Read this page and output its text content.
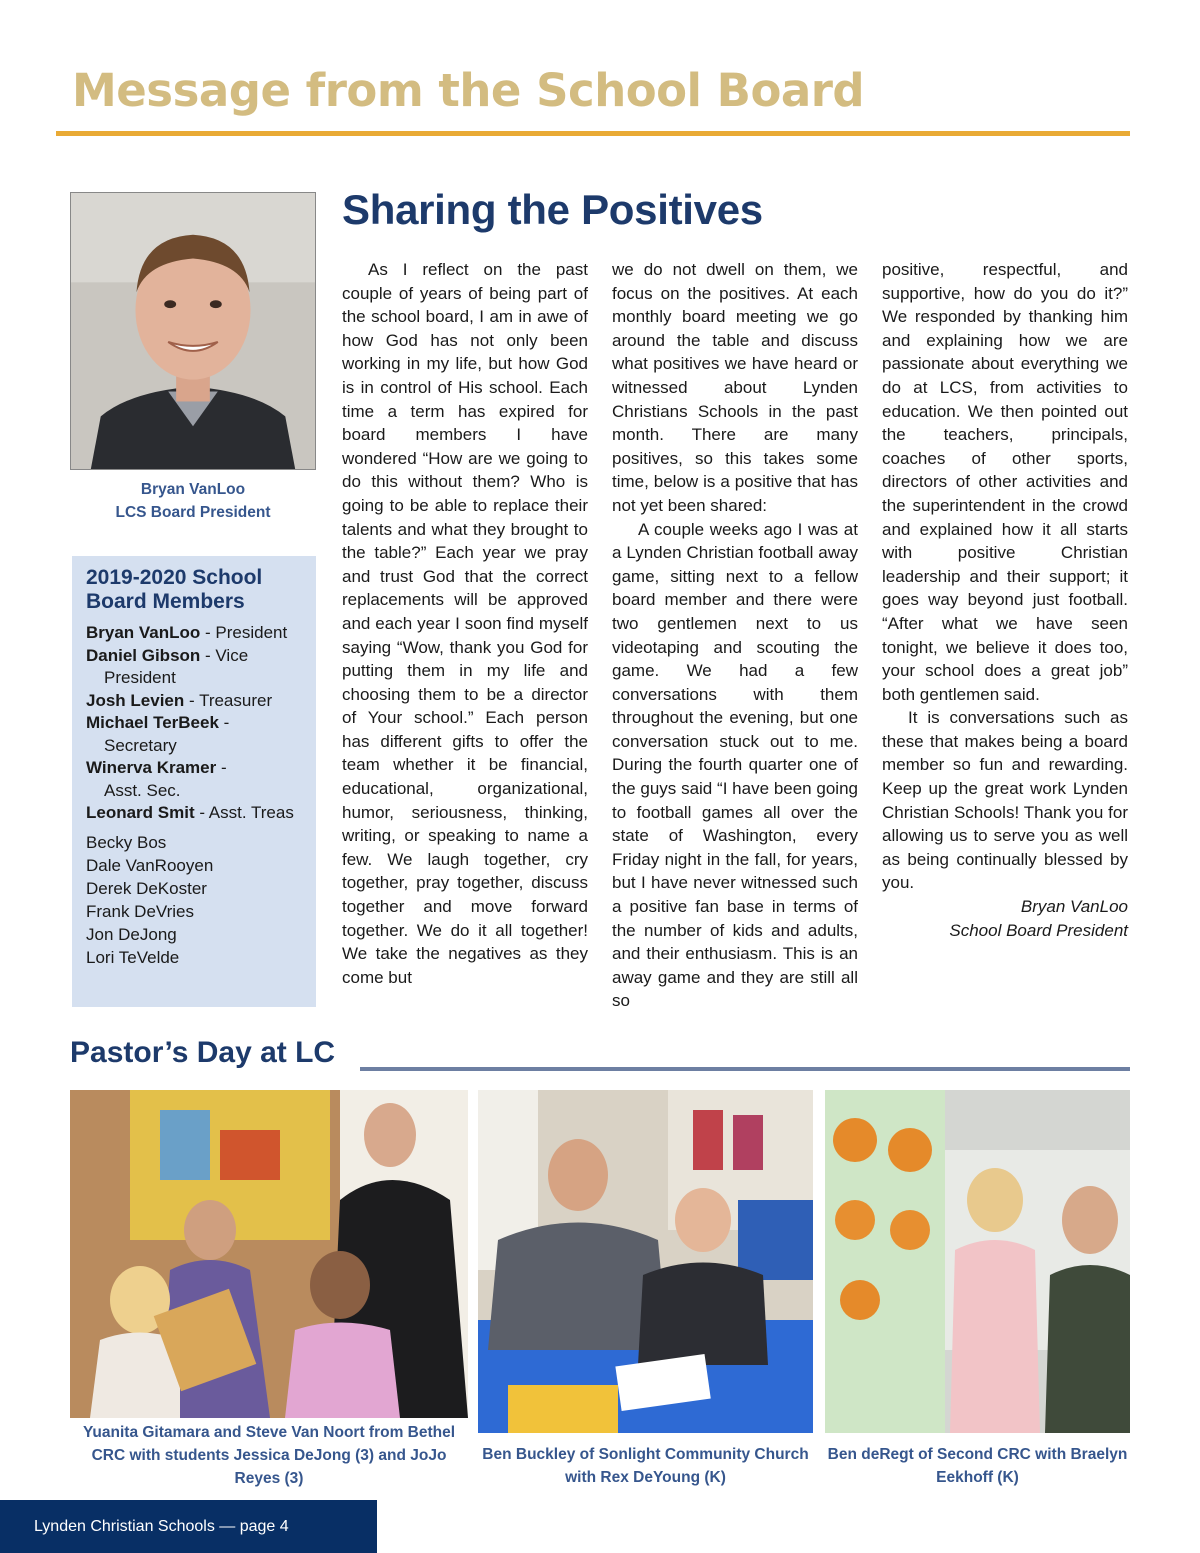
Message from the School Board
Bryan VanLoo
LCS Board President
2019-2020 School Board Members
Bryan VanLoo - President
Daniel Gibson - Vice
President
Josh Levien - Treasurer
Michael TerBeek -
Secretary
Winerva Kramer -
Asst. Sec.
Leonard Smit - Asst. Treas
Becky Bos
Dale VanRooyen
Derek DeKoster
Frank DeVries
Jon DeJong
Lori TeVelde
Sharing the Positives

As I reflect on the past couple of years of being part of the school board, I am in awe of how God has not only been working in my life, but how God is in control of His school. Each time a term has expired for board members I have wondered “How are we going to do this without them? Who is going to be able to replace their talents and what they brought to the table?” Each year we pray and trust God that the correct replacements will be approved and each year I soon find myself saying “Wow, thank you God for putting them in my life and choosing them to be a director of Your school.” Each person has different gifts to offer the team whether it be financial, educational, organizational, humor, seriousness, thinking, writing, or speaking to name a few. We laugh together, cry together, pray together, discuss together and move forward together. We do it all together! We take the negatives as they come but

we do not dwell on them, we focus on the positives. At each monthly board meeting we go around the table and discuss what positives we have heard or witnessed about Lynden Christians Schools in the past month. There are many positives, so this takes some time, below is a positive that has not yet been shared:

A couple weeks ago I was at a Lynden Christian football away game, sitting next to a fellow board member and there were two gentlemen next to us videotaping and scouting the game. We had a few conversations with them throughout the evening, but one conversation stuck out to me. During the fourth quarter one of the guys said “I have been going to football games all over the state of Washington, every Friday night in the fall, for years, but I have never witnessed such a positive fan base in terms of the number of kids and adults, and their enthusiasm. This is an away game and they are still all so

positive, respectful, and supportive, how do you do it?” We responded by thanking him and explaining how we are passionate about everything we do at LCS, from activities to education. We then pointed out the teachers, principals, coaches of other sports, directors of other activities and the superintendent in the crowd and explained how it all starts with positive Christian leadership and their support; it goes way beyond just football. “After what we have seen tonight, we believe it does too, your school does a great job” both gentlemen said.

It is conversations such as these that makes being a board member so fun and rewarding. Keep up the great work Lynden Christian Schools! Thank you for allowing us to serve you as well as being continually blessed by you.

Bryan VanLoo

School Board President

Pastor’s Day at LC
Yuanita Gitamara and Steve Van Noort from Bethel CRC with students Jessica DeJong (3) and JoJo Reyes (3)
Ben Buckley of Sonlight Community Church with Rex DeYoung (K)
Ben deRegt of Second CRC with Braelyn Eekhoff (K)
Lynden Christian Schools — page 4
